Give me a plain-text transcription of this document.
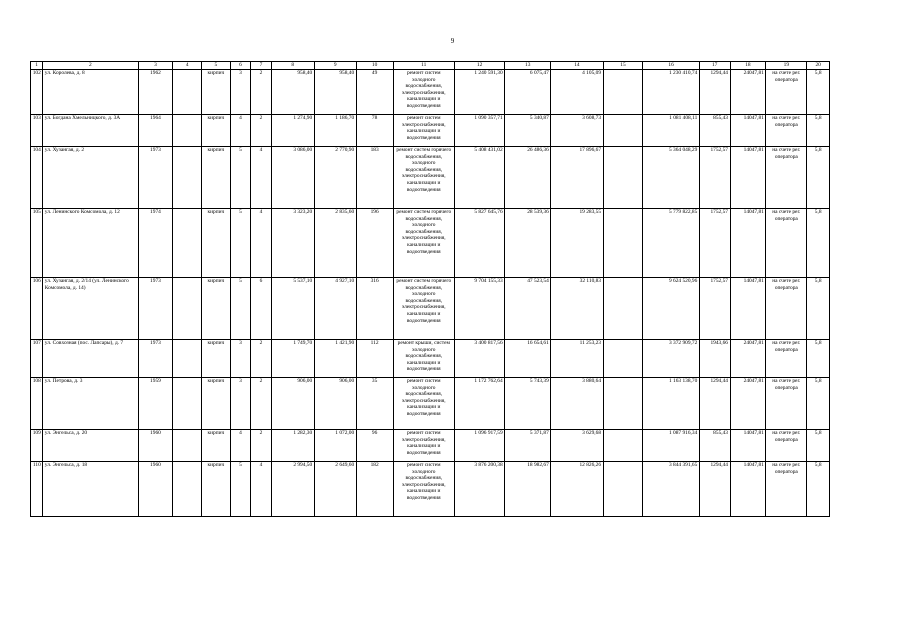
9
1	2	3	4	5	6	7	8	9	10	11	12	13	14	15	16	17	18	19	20
102	ул. Королева, д. 8	1962		кирпич	3	2	958,40	958,40	49	ремонт систем холодного водоснабжения, электроснабжения, канализации и водоотведения	1 240 591,30	6 075,47	4 105,09		1 230 410,74	1294,44	24047,81	на счете рег. оператора	5,8
103	ул. Богдана Хмельницкого, д. 3А	1964		кирпич	4	2	1 274,90	1 186,70	78	ремонт систем электроснабжения, канализации и водоотведения	1 090 357,71	5 340,87	3 608,73		1 081 408,11	855,43	14047,81	на счете рег. оператора	5,8
104	ул. Хузангая, д. 2	1973		кирпич	5	4	3 086,00	2 770,90	183	ремонт систем горячего водоснабжения, холодного водоснабжения, электроснабжения, канализации и водоотведения	5 408 431,02	26 486,36	17 896,67		5 364 048,29	1752,57	14047,81	на счете рег. оператора	5,8
105	ул. Ленинского Комсомола, д. 12	1974		кирпич	5	4	3 323,20	2 835,60	196	ремонт систем горячего водоснабжения, холодного водоснабжения, электроснабжения, канализации и водоотведения	5 827 645,76	28 539,36	19 283,55		5 779 822,85	1752,57	14047,81	на счете рег. оператора	5,8
106	ул. Хузангая, д. 2/14 (ул. Ленинского Комсомола, д. 14)	1973		кирпич	5	6	5 537,10	4 927,10	316	ремонт систем горячего водоснабжения, холодного водоснабжения, электроснабжения, канализации и водоотведения	9 704 155,33	47 523,54	32 110,83		9 624 520,96	1752,57	14047,81	на счете рег. оператора	5,8
107	ул. Совхозная (пос. Лапсары), д. 7	1973		кирпич	3	2	1 749,70	1 421,90	112	ремонт крыши, систем холодного водоснабжения, канализации и водоотведения	3 400 817,56	16 654,61	11 253,23		3 372 909,72	1943,66	24047,81	на счете рег. оператора	5,8
108	ул. Петрова, д. 3	1959		кирпич	3	2	906,00	906,00	35	ремонт систем холодного водоснабжения, электроснабжения, канализации и водоотведения	1 172 762,64	5 743,39	3 880,64		1 163 138,70	1294,44	24047,81	на счете рег. оператора	5,8
109	ул. Энгельса, д. 20	1960		кирпич	4	2	1 282,30	1 072,00	96	ремонт систем электроснабжения, канализации и водоотведения	1 096 917,59	5 371,87	3 629,68		1 087 916,34	855,43	14047,81	на счете рег. оператора	5,8
110	ул. Энгельса, д. 18	1960		кирпич	5	4	2 994,50	2 649,60	182	ремонт систем холодного водоснабжения, электроснабжения, канализации и водоотведения	3 876 200,38	18 982,67	12 826,26		3 844 391,65	1294,44	14047,81	на счете рег. оператора	5,8
